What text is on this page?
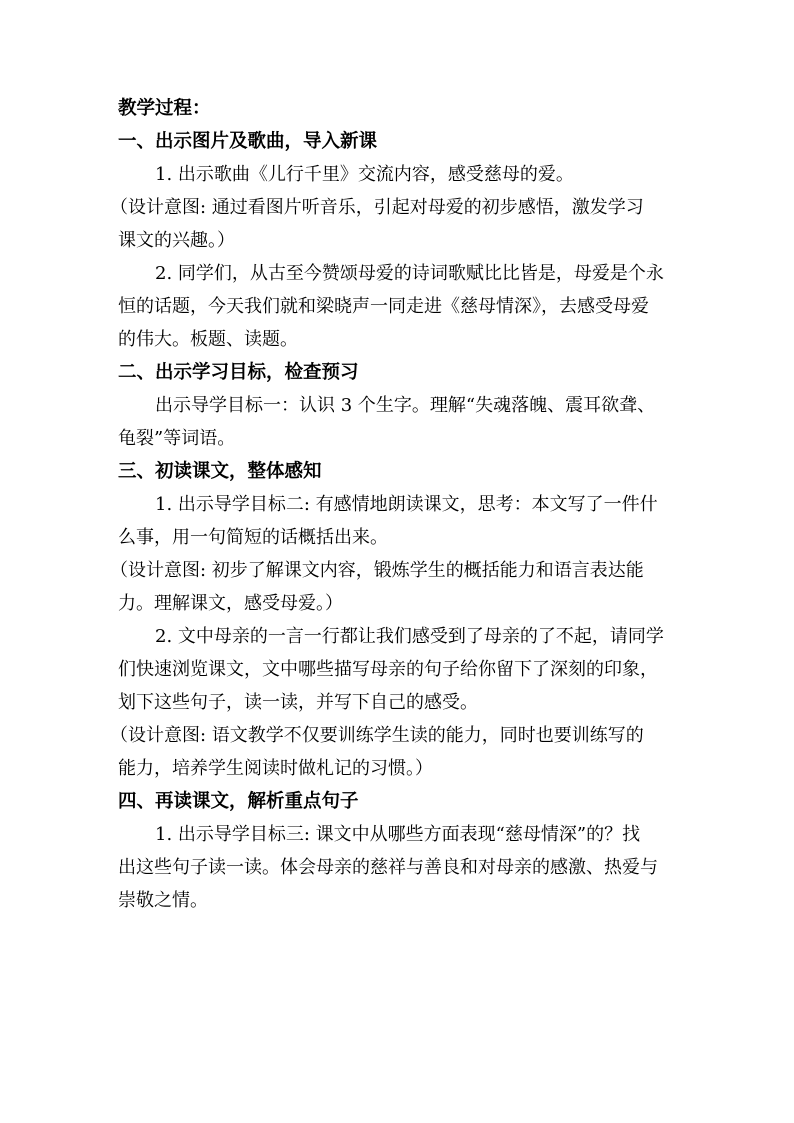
教学过程：
一、出示图片及歌曲，导入新课
1. 出示歌曲《儿行千里》交流内容，感受慈母的爱。
（设计意图: 通过看图片听音乐，引起对母爱的初步感悟，激发学习
课文的兴趣。）
2. 同学们，从古至今赞颂母爱的诗词歌赋比比皆是，母爱是个永
恒的话题，今天我们就和梁晓声一同走进《慈母情深》，去感受母爱
的伟大。板题、读题。
二、出示学习目标，检查预习
出示导学目标一：认识 3 个生字。理解“失魂落魄、震耳欲聋、
龟裂”等词语。
三、初读课文，整体感知
1. 出示导学目标二: 有感情地朗读课文，思考：本文写了一件什
么事，用一句简短的话概括出来。
（设计意图: 初步了解课文内容，锻炼学生的概括能力和语言表达能
力。理解课文，感受母爱。）
2. 文中母亲的一言一行都让我们感受到了母亲的了不起，请同学
们快速浏览课文，文中哪些描写母亲的句子给你留下了深刻的印象，
划下这些句子，读一读，并写下自己的感受。
（设计意图: 语文教学不仅要训练学生读的能力，同时也要训练写的
能力，培养学生阅读时做札记的习惯。）
四、再读课文，解析重点句子
1. 出示导学目标三: 课文中从哪些方面表现“慈母情深”的？找
出这些句子读一读。体会母亲的慈祥与善良和对母亲的感激、热爱与
崇敬之情。
